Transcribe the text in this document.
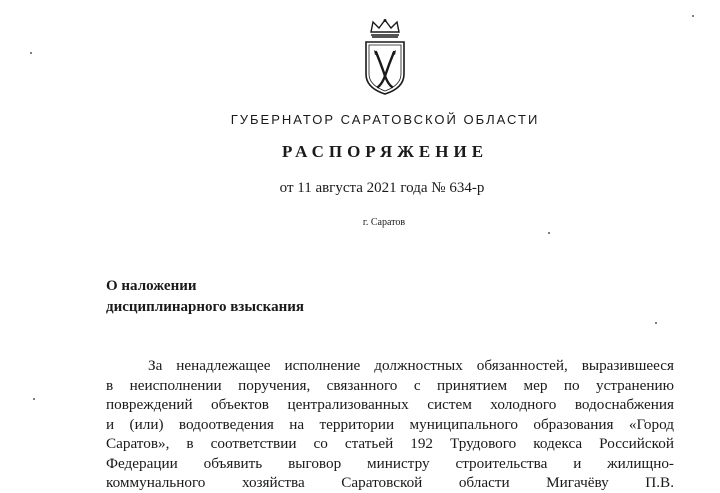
ГУБЕРНАТОР САРАТОВСКОЙ ОБЛАСТИ
РАСПОРЯЖЕНИЕ
от 11 августа 2021 года № 634-р
г. Саратов
О наложении
дисциплинарного взыскания
За ненадлежащее исполнение должностных обязанностей, выразившееся
в неисполнении поручения, связанного с принятием мер по устранению
повреждений объектов централизованных систем холодного водоснабжения
и (или) водоотведения на территории муниципального образования «Город
Саратов», в соответствии со статьей 192 Трудового кодекса Российской
Федерации объявить выговор министру строительства и жилищно-
коммунального хозяйства Саратовской области Мигачёву П.В.
